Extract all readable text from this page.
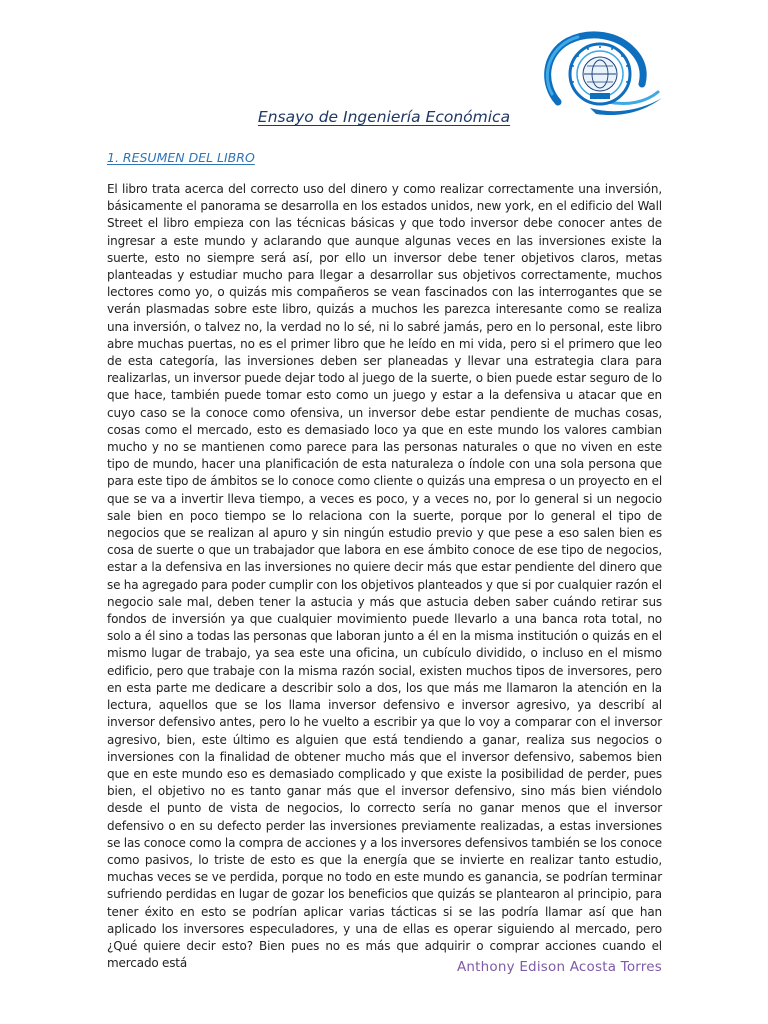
Ensayo de Ingeniería Económica
1. RESUMEN DEL LIBRO

El libro trata acerca del correcto uso del dinero y como realizar correctamente una inversión, básicamente el panorama se desarrolla en los estados unidos, new york, en el edificio del Wall Street el libro empieza con las técnicas básicas y que todo inversor debe conocer antes de ingresar a este mundo y aclarando que aunque algunas veces en las inversiones existe la suerte, esto no siempre será así, por ello un inversor debe tener objetivos claros, metas planteadas y estudiar mucho para llegar a desarrollar sus objetivos correctamente, muchos lectores como yo, o quizás mis compañeros se vean fascinados con las interrogantes que se verán plasmadas sobre este libro, quizás a muchos les parezca interesante como se realiza una inversión, o talvez no, la verdad no lo sé, ni lo sabré jamás, pero en lo personal, este libro abre muchas puertas, no es el primer libro que he leído en mi vida, pero si el primero que leo de esta categoría, las inversiones deben ser planeadas y llevar una estrategia clara para realizarlas, un inversor puede dejar todo al juego de la suerte, o bien puede estar seguro de lo que hace, también puede tomar esto como un juego y estar a la defensiva u atacar que en cuyo caso se la conoce como ofensiva, un inversor debe estar pendiente de muchas cosas, cosas como el mercado, esto es demasiado loco ya que en este mundo los valores cambian mucho y no se mantienen como parece para las personas naturales o que no viven en este tipo de mundo, hacer una planificación de esta naturaleza o índole con una sola persona que para este tipo de ámbitos se lo conoce como cliente o quizás una empresa o un proyecto en el que se va a invertir lleva tiempo, a veces es poco, y a veces no, por lo general si un negocio sale bien en poco tiempo se lo relaciona con la suerte, porque por lo general el tipo de negocios que se realizan al apuro y sin ningún estudio previo y que pese a eso salen bien es cosa de suerte o que un trabajador que labora en ese ámbito conoce de ese tipo de negocios, estar a la defensiva en las inversiones no quiere decir más que estar pendiente del dinero que se ha agregado para poder cumplir con los objetivos planteados y que si por cualquier razón el negocio sale mal, deben tener la astucia y más que astucia deben saber cuándo retirar sus fondos de inversión ya que cualquier movimiento puede llevarlo a una banca rota total, no solo a él sino a todas las personas que laboran junto a él en la misma institución o quizás en el mismo lugar de trabajo, ya sea este una oficina, un cubículo dividido, o incluso en el mismo edificio, pero que trabaje con la misma razón social, existen muchos tipos de inversores, pero en esta parte me dedicare a describir solo a dos, los que más me llamaron la atención en la lectura, aquellos que se los llama inversor defensivo e inversor agresivo, ya describí al inversor defensivo antes, pero lo he vuelto a escribir ya que lo voy a comparar con el inversor agresivo, bien, este último es alguien que está tendiendo a ganar, realiza sus negocios o inversiones con la finalidad de obtener mucho más que el inversor defensivo, sabemos bien que en este mundo eso es demasiado complicado y que existe la posibilidad de perder, pues bien, el objetivo no es tanto ganar más que el inversor defensivo, sino más bien viéndolo desde el punto de vista de negocios, lo correcto sería no ganar menos que el inversor defensivo o en su defecto perder las inversiones previamente realizadas, a estas inversiones se las conoce como la compra de acciones y a los inversores defensivos también se los conoce como pasivos, lo triste de esto es que la energía que se invierte en realizar tanto estudio, muchas veces se ve perdida, porque no todo en este mundo es ganancia, se podrían terminar sufriendo perdidas en lugar de gozar los beneficios que quizás se plantearon al principio, para tener éxito en esto se podrían aplicar varias tácticas si se las podría llamar así que han aplicado los inversores especuladores, y una de ellas es operar siguiendo al mercado, pero ¿Qué quiere decir esto? Bien pues no es más que adquirir o comprar acciones cuando el mercado está	Anthony Edison Acosta Torres
